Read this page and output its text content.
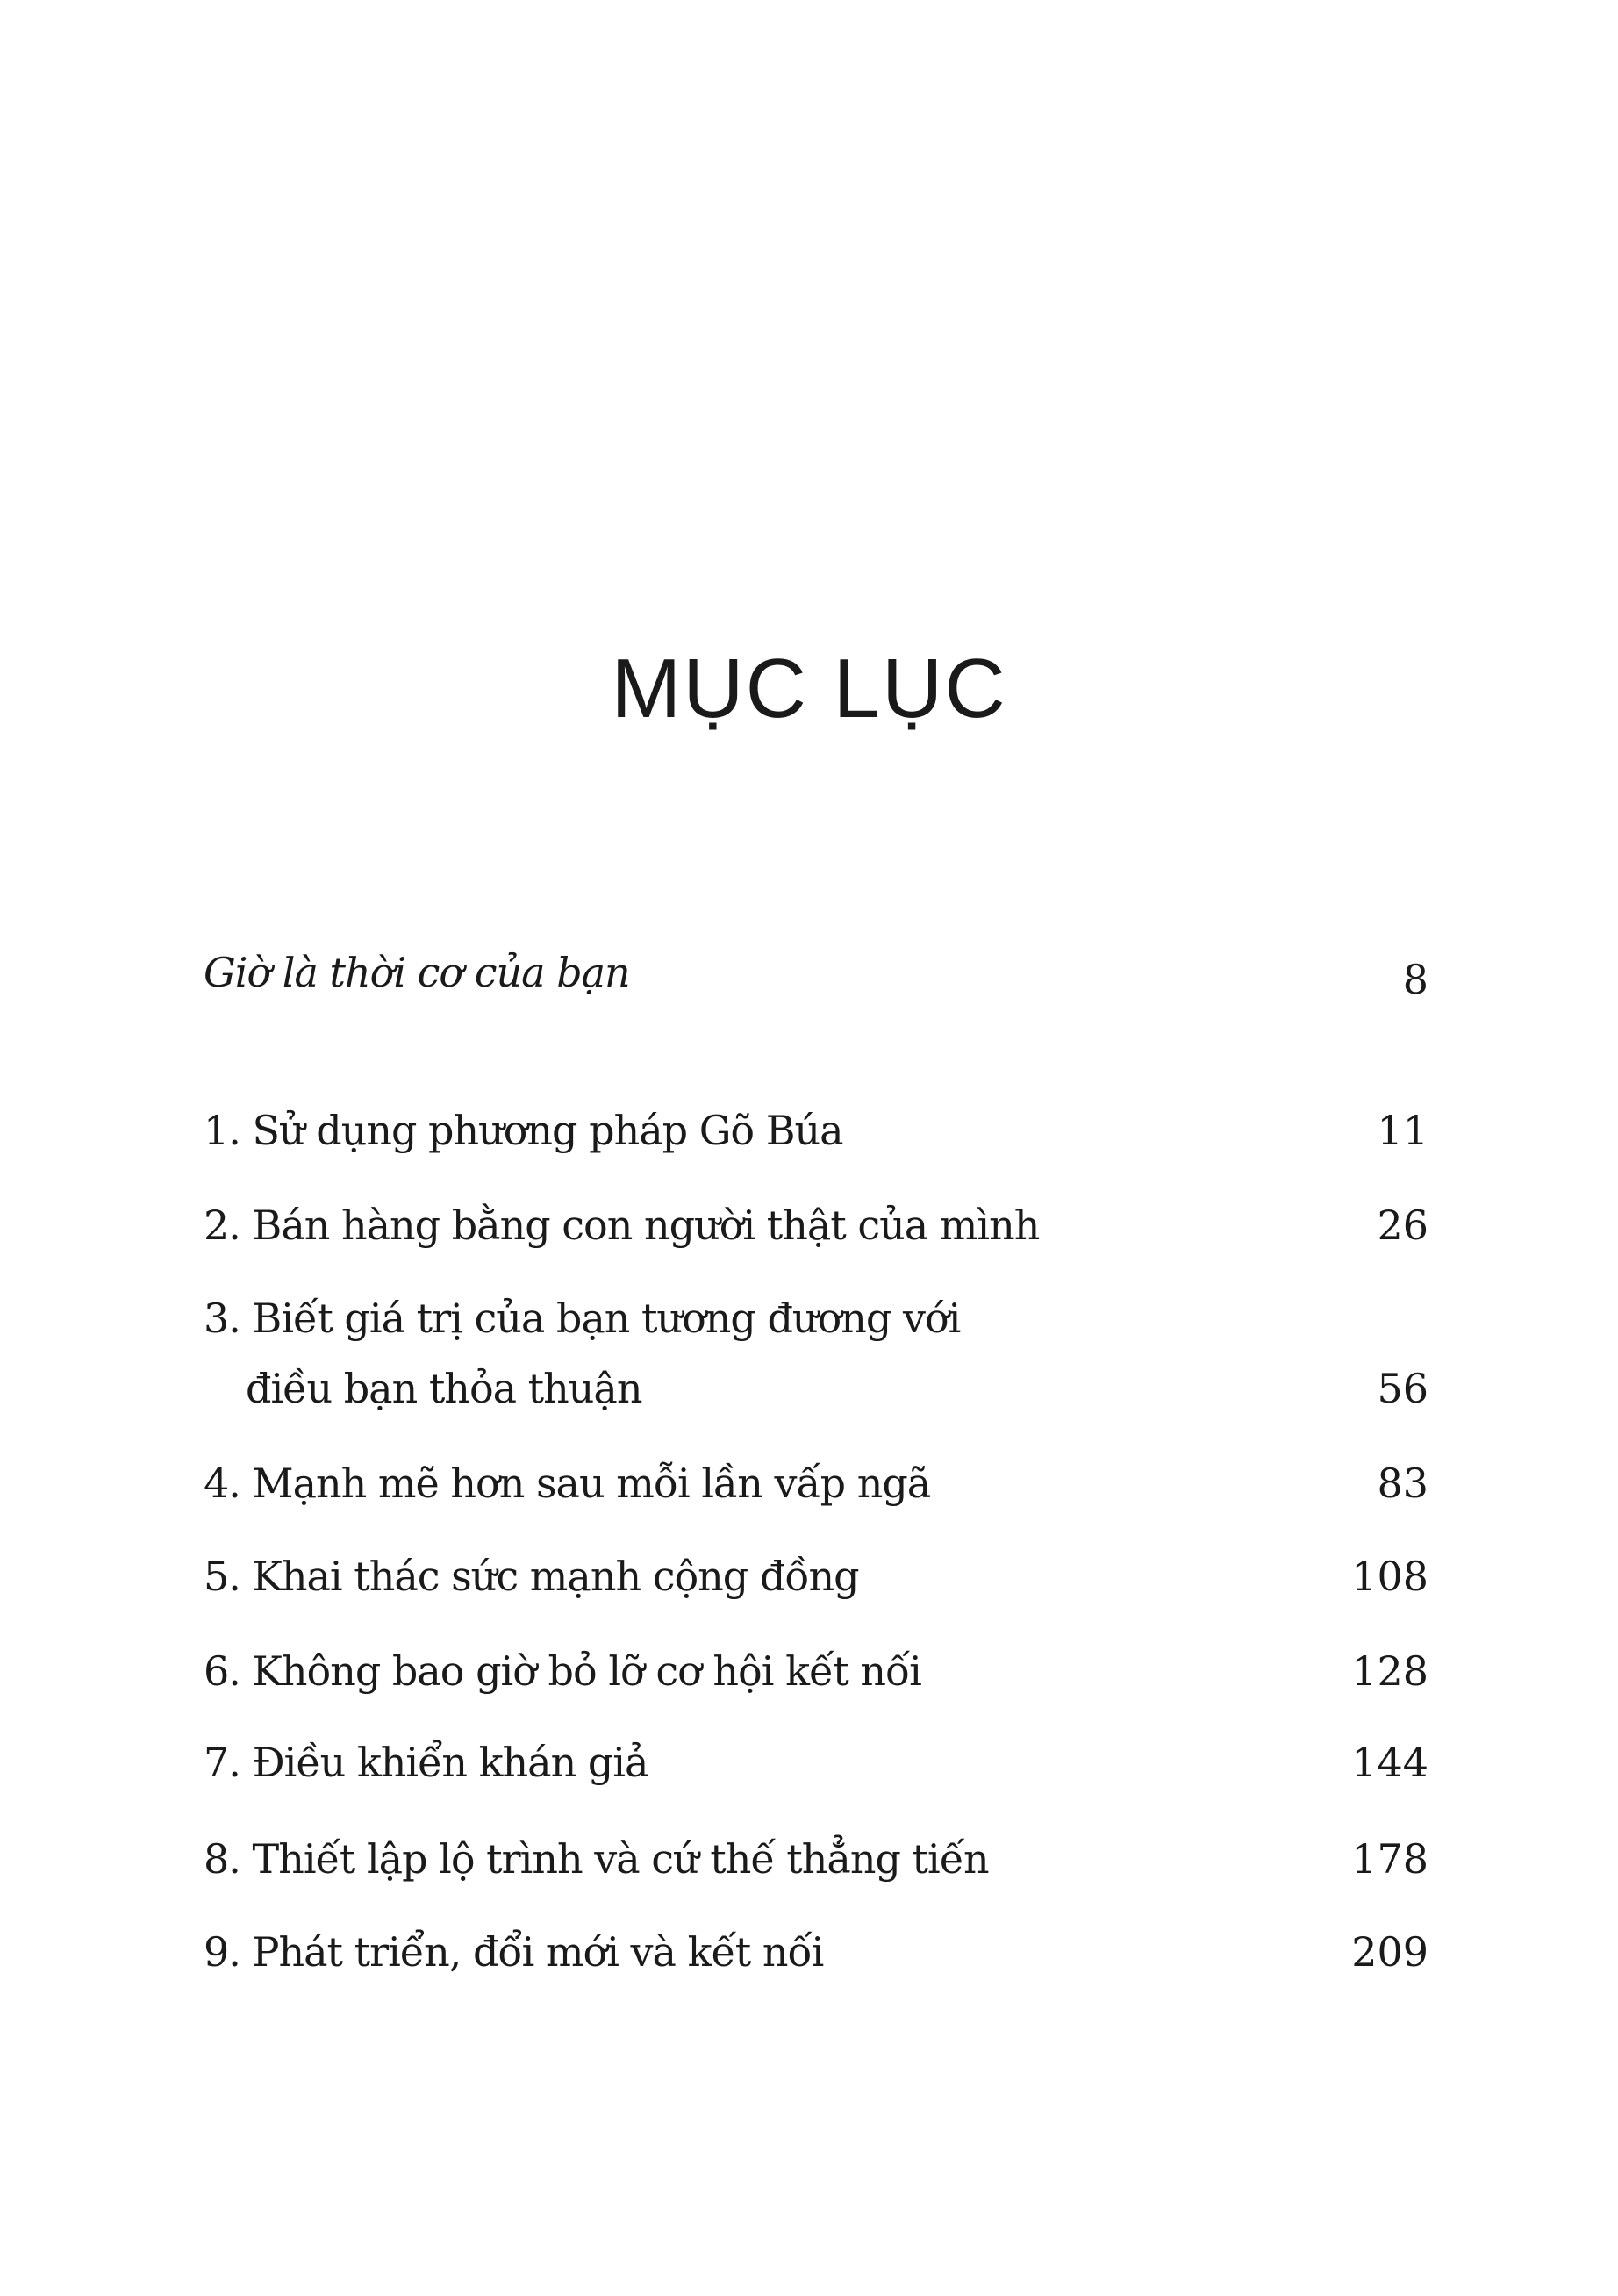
MỤC LỤC
Giờ là thời cơ của bạn	8
1. Sử dụng phương pháp Gõ Búa	11
2. Bán hàng bằng con người thật của mình	26
3. Biết giá trị của bạn tương đương với
điều bạn thỏa thuận	56
4. Mạnh mẽ hơn sau mỗi lần vấp ngã	83
5. Khai thác sức mạnh cộng đồng	108
6. Không bao giờ bỏ lỡ cơ hội kết nối	128
7. Điều khiển khán giả	144
8. Thiết lập lộ trình và cứ thế thẳng tiến	178
9. Phát triển, đổi mới và kết nối	209
